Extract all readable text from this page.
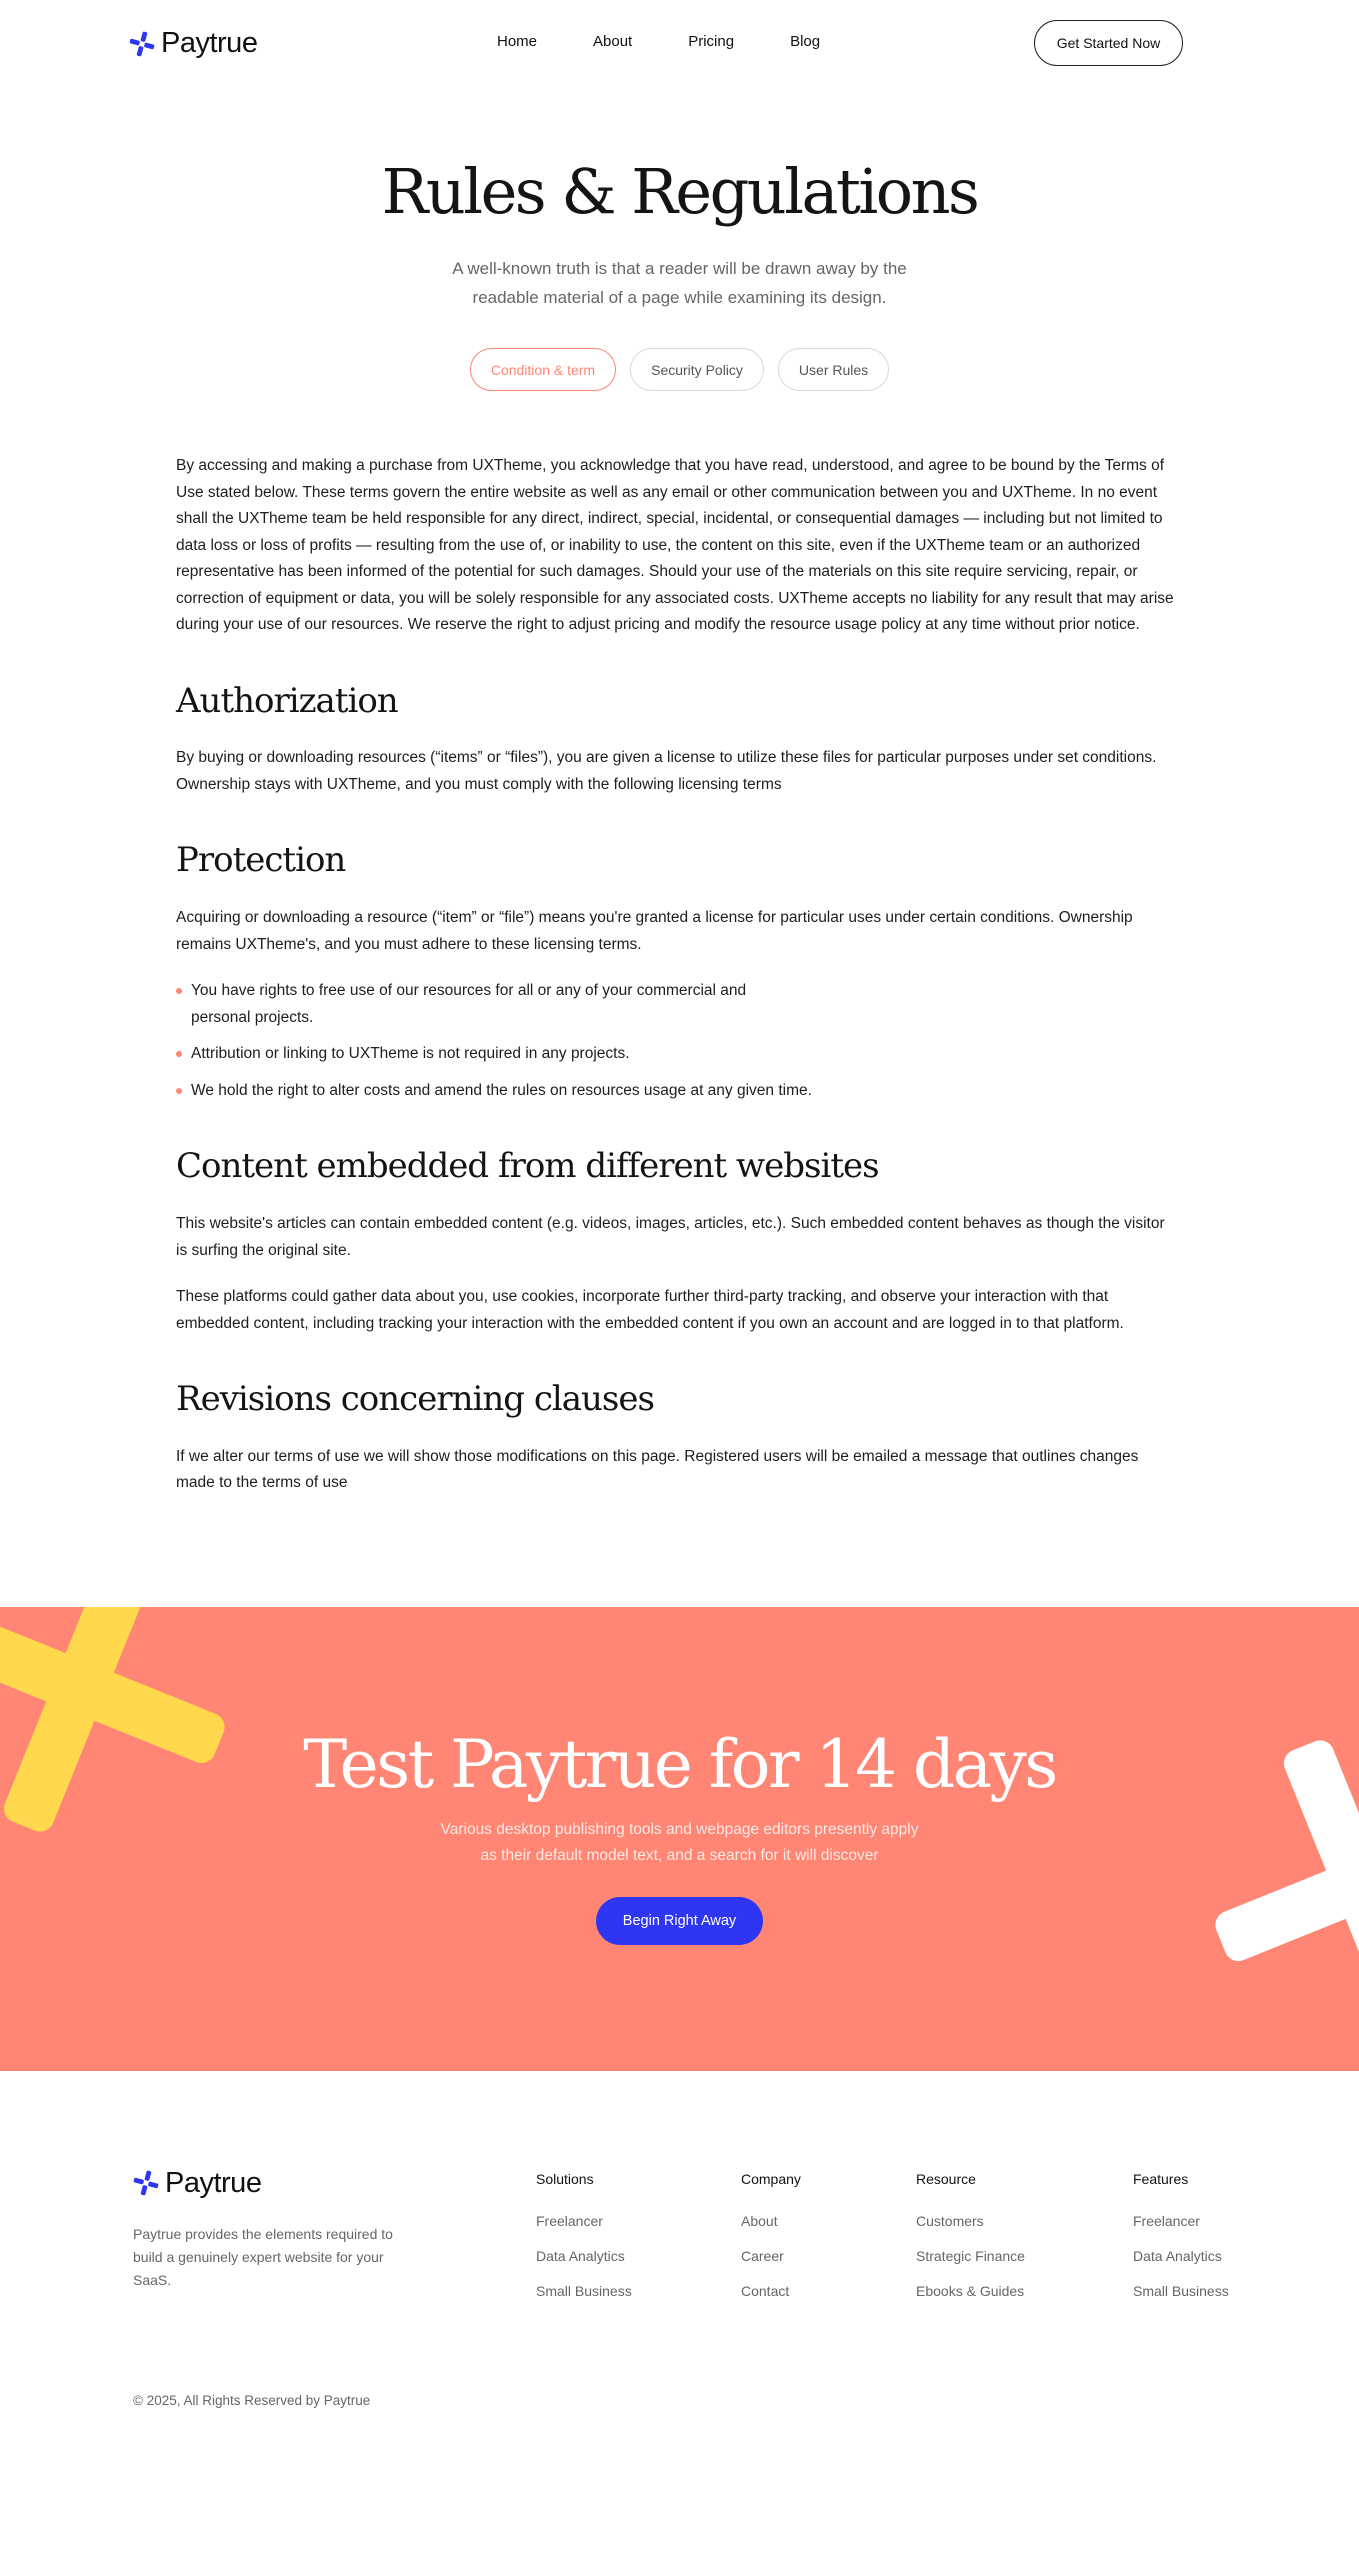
Paytrue	Home	About	Pricing	Blog	Get Started Now
Rules & Regulations

A well-known truth is that a reader will be drawn away by the readable material of a page while examining its design.

Condition & term	Security Policy	User Rules

By accessing and making a purchase from UXTheme, you acknowledge that you have read, understood, and agree to be bound by the Terms of Use stated below. These terms govern the entire website as well as any email or other communication between you and UXTheme. In no event shall the UXTheme team be held responsible for any direct, indirect, special, incidental, or consequential damages — including but not limited to data loss or loss of profits — resulting from the use of, or inability to use, the content on this site, even if the UXTheme team or an authorized representative has been informed of the potential for such damages. Should your use of the materials on this site require servicing, repair, or correction of equipment or data, you will be solely responsible for any associated costs. UXTheme accepts no liability for any result that may arise during your use of our resources. We reserve the right to adjust pricing and modify the resource usage policy at any time without prior notice.

Authorization

By buying or downloading resources (“items” or “files”), you are given a license to utilize these files for particular purposes under set conditions. Ownership stays with UXTheme, and you must comply with the following licensing terms

Protection

Acquiring or downloading a resource (“item” or “file”) means you're granted a license for particular uses under certain conditions. Ownership remains UXTheme's, and you must adhere to these licensing terms.

You have rights to free use of our resources for all or any of your commercial and personal projects.
Attribution or linking to UXTheme is not required in any projects.
We hold the right to alter costs and amend the rules on resources usage at any given time.
Content embedded from different websites

This website's articles can contain embedded content (e.g. videos, images, articles, etc.). Such embedded content behaves as though the visitor is surfing the original site.

These platforms could gather data about you, use cookies, incorporate further third-party tracking, and observe your interaction with that embedded content, including tracking your interaction with the embedded content if you own an account and are logged in to that platform.

Revisions concerning clauses

If we alter our terms of use we will show those modifications on this page. Registered users will be emailed a message that outlines changes made to the terms of use

Test Paytrue for 14 days

Various desktop publishing tools and webpage editors presently apply as their default model text, and a search for it will discover

Begin Right Away
Paytrue

Paytrue provides the elements required to build a genuinely expert website for your SaaS.

Solutions
Freelancer
Data Analytics
Small Business
Company
About
Career
Contact
Resource
Customers
Strategic Finance
Ebooks & Guides
Features
Freelancer
Data Analytics
Small Business

© 2025, All Rights Reserved by Paytrue
